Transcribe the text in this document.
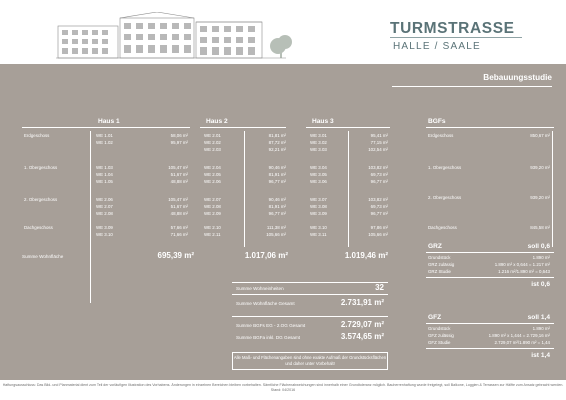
TURMSTRASSE
HALLE / SAALE
Bebauungsstudie
Haus 1
Summe Wohnfläche	695,39 m²
Haus 2
1.017,06 m²
Haus 3
1.019,46 m²
BGFs
GRZ	soll 0,6
ist 0,6
GFZ	soll 1,4
ist 1,4
Summe Wohneinheiten	32
Summe Wohnfläche Gesamt	2.731,91 m²
Summe BGFs EG - 2.OG Gesamt	2.729,07 m²
Summe BGFa inkl. DG Gesamt	3.574,65 m²
Alle Maß- und Flächenangaben sind ohne exakte Aufmaß der Grundstücksflächen und daher unter Vorbehalt!
Erdgeschoss	WE 1.01	58,06 m²
WE 1.02	95,97 m²
1. Obergeschoss	WE 1.03	105,47 m²
WE 1.04	51,67 m²
WE 1.05	48,88 m²
2. Obergeschoss	WE 2.06	105,47 m²
WE 2.07	51,67 m²
WE 2.08	48,88 m²
Dachgeschoss	WE 3.09	57,66 m²
WE 3.10	71,66 m²
WE 2.01	81,81 m²
WE 2.02	87,72 m²
WE 2.03	92,21 m²
WE 2.04	90,46 m²
WE 2.05	81,91 m²
WE 2.06	96,77 m²
WE 2.07	90,46 m²
WE 2.08	81,91 m²
WE 2.09	96,77 m²
WE 2.10	111,38 m²
WE 2.11	105,66 m²
WE 3.01	95,41 m²
WE 3.02	77,15 m²
WE 3.03	102,54 m²
WE 3.04	103,82 m²
WE 3.05	69,73 m²
WE 3.06	96,77 m²
WE 3.07	103,82 m²
WE 3.08	69,73 m²
WE 3.09	96,77 m²
WE 3.10	97,86 m²
WE 3.11	105,66 m²
Erdgeschoss	850,67 m²
1. Obergeschoss	939,20 m²
2. Obergeschoss	939,20 m²
Dachgeschoss	845,58 m²
Grundstück	1.890 m²
GRZ zulässig	1.890 m² x 0,644 = 1.217 m²
GRZ Studie	1.216 m²/1.890 m² = 0,643
Grundstück	1.890 m²
GFZ zulässig	1.890 m² x 1,444 = 2.729,16 m²
GFZ Studie	2.729,07 m²/1.890 m² = 1,44
Haftungsausschluss: Das Bild- und Planmaterial dient zum Teil der vorläufigen Illustration des Vorhabens. Änderungen in einzelnen Bereichen bleiben vorbehalten. Sämtliche Flächenabweichungen sind innerhalb einer Grundtoleranz möglich. Bauherrenhaftung wurde freigelegt, soll Balkone, Loggien & Terrassen zur Hälfte zum Ansatz gebracht werden. Stand: 04/2016
